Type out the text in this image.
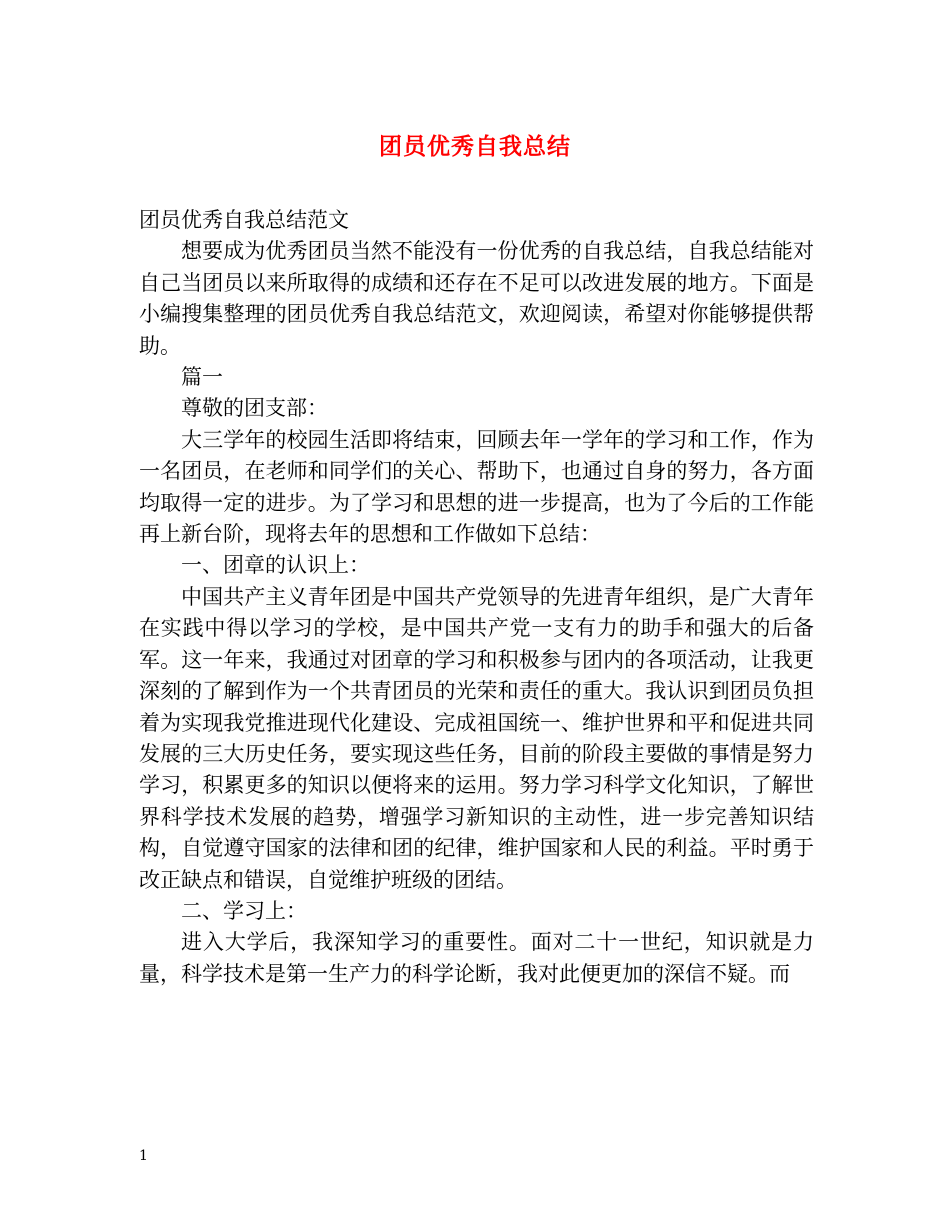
团员优秀自我总结

团员优秀自我总结范文

想要成为优秀团员当然不能没有一份优秀的自我总结，自我总结能对自己当团员以来所取得的成绩和还存在不足可以改进发展的地方。下面是小编搜集整理的团员优秀自我总结范文，欢迎阅读，希望对你能够提供帮助。

篇一

尊敬的团支部：

大三学年的校园生活即将结束，回顾去年一学年的学习和工作，作为一名团员，在老师和同学们的关心、帮助下，也通过自身的努力，各方面均取得一定的进步。为了学习和思想的进一步提高，也为了今后的工作能再上新台阶，现将去年的思想和工作做如下总结：

一、团章的认识上：

中国共产主义青年团是中国共产党领导的先进青年组织，是广大青年在实践中得以学习的学校，是中国共产党一支有力的助手和强大的后备军。这一年来，我通过对团章的学习和积极参与团内的各项活动，让我更深刻的了解到作为一个共青团员的光荣和责任的重大。我认识到团员负担着为实现我党推进现代化建设、完成祖国统一、维护世界和平和促进共同发展的三大历史任务，要实现这些任务，目前的阶段主要做的事情是努力学习，积累更多的知识以便将来的运用。努力学习科学文化知识，了解世界科学技术发展的趋势，增强学习新知识的主动性，进一步完善知识结构，自觉遵守国家的法律和团的纪律，维护国家和人民的利益。平时勇于改正缺点和错误，自觉维护班级的团结。

二、学习上：

进入大学后，我深知学习的重要性。面对二十一世纪，知识就是力量，科学技术是第一生产力的科学论断，我对此便更加的深信不疑。而

1
